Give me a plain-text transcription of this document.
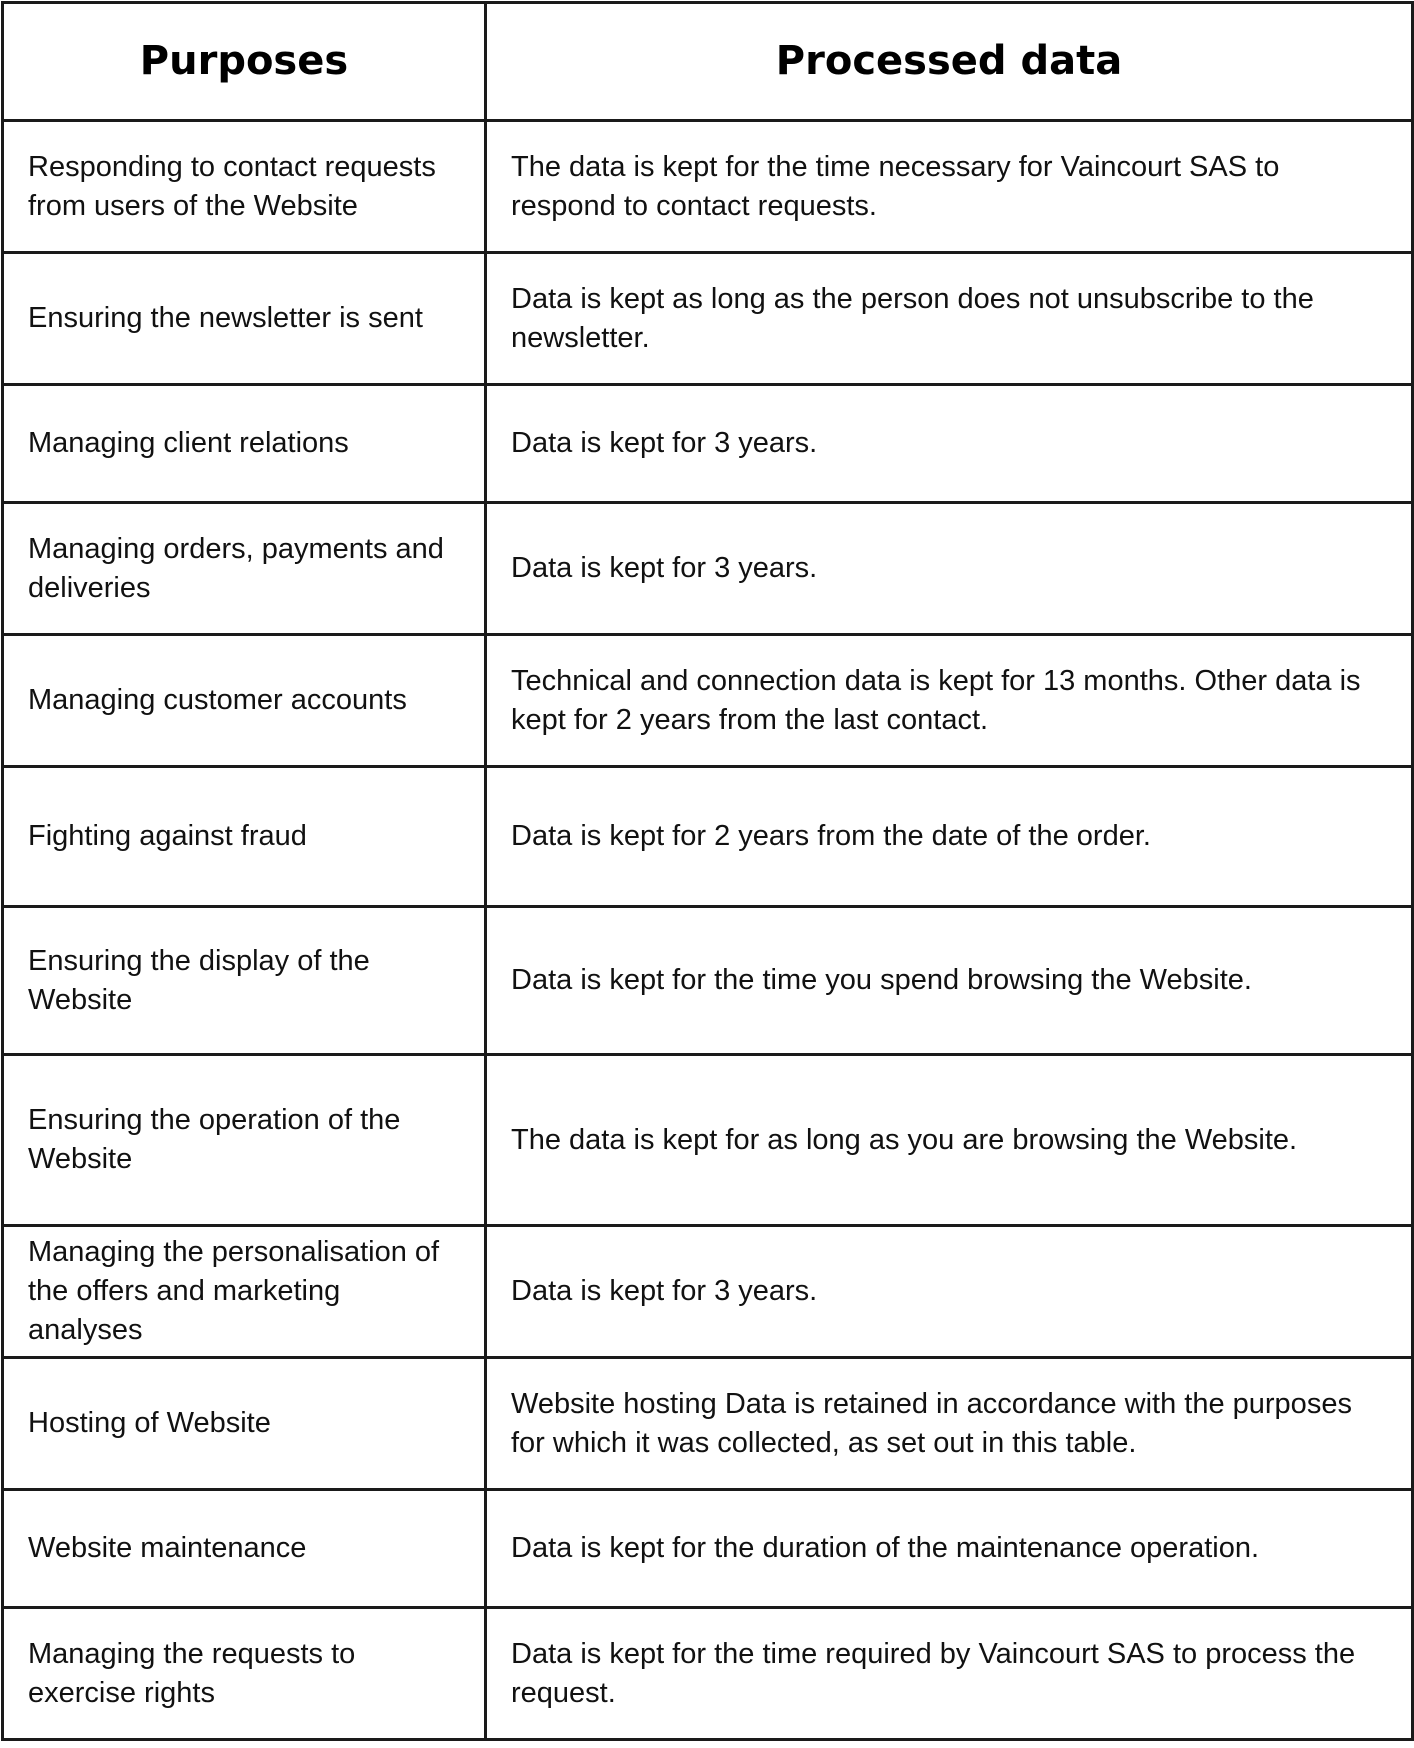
Purposes	Processed data
Responding to contact requests from users of the Website	The data is kept for the time necessary for Vaincourt SAS to respond to contact requests.
Ensuring the newsletter is sent	Data is kept as long as the person does not unsubscribe to the newsletter.
Managing client relations	Data is kept for 3 years.
Managing orders, payments and deliveries	Data is kept for 3 years.
Managing customer accounts	Technical and connection data is kept for 13 months. Other data is kept for 2 years from the last contact.
Fighting against fraud	Data is kept for 2 years from the date of the order.
Ensuring the display of the Website	Data is kept for the time you spend browsing the Website.
Ensuring the operation of the Website	The data is kept for as long as you are browsing the Website.
Managing the personalisation of the offers and marketing analyses	Data is kept for 3 years.
Hosting of Website	Website hosting Data is retained in accordance with the purposes for which it was collected, as set out in this table.
Website maintenance	Data is kept for the duration of the maintenance operation.
Managing the requests to exercise rights	Data is kept for the time required by Vaincourt SAS to process the request.
